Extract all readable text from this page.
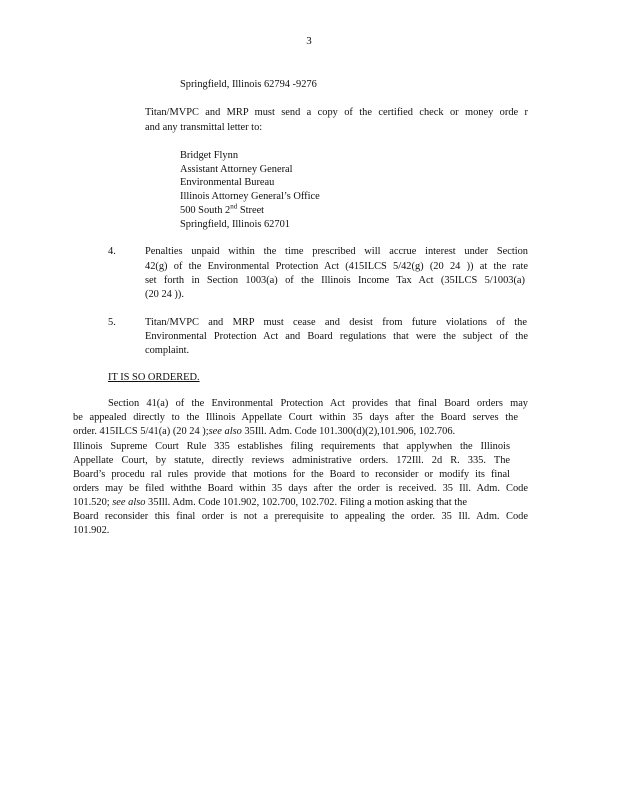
3
Springfield, Illinois 62794 -9276
Titan/MVPC and MRP must send a copy of the certified check or money orde r
and any transmittal letter to:
Bridget Flynn
Assistant Attorney General
Environmental Bureau
Illinois Attorney General’s Office
500 South 2nd Street
Springfield, Illinois 62701
4.	Penalties unpaid within the time prescribed will accrue interest under Section
42(g) of the Environmental Protection Act (415ILCS 5/42(g) (20 24 )) at the rate
set forth in Section 1003(a) of the Illinois Income Tax Act (35ILCS 5/1003(a)
(20 24 )).
5.	Titan/MVPC and MRP must cease and desist from future violations of the
Environmental Protection Act and Board regulations that were the subject of the
complaint.
IT IS SO ORDERED.
Section 41(a) of the Environmental Protection Act provides that final Board orders may
be appealed directly to the Illinois Appellate Court within 35 days after the Board serves the
order. 415ILCS 5/41(a) (20 24 );see also 35Ill. Adm. Code 101.300(d)(2),101.906, 102.706.
Illinois Supreme Court Rule 335 establishes filing requirements that applywhen the Illinois
Appellate Court, by statute, directly reviews administrative orders. 172Ill. 2d R. 335. The
Board’s procedu ral rules provide that motions for the Board to reconsider or modify its final
orders may be filed withthe Board within 35 days after the order is received. 35 Ill. Adm. Code
101.520; see also 35Ill. Adm. Code 101.902, 102.700, 102.702. Filing a motion asking that the
Board reconsider this final order is not a prerequisite to appealing the order. 35 Ill. Adm. Code
101.902.
